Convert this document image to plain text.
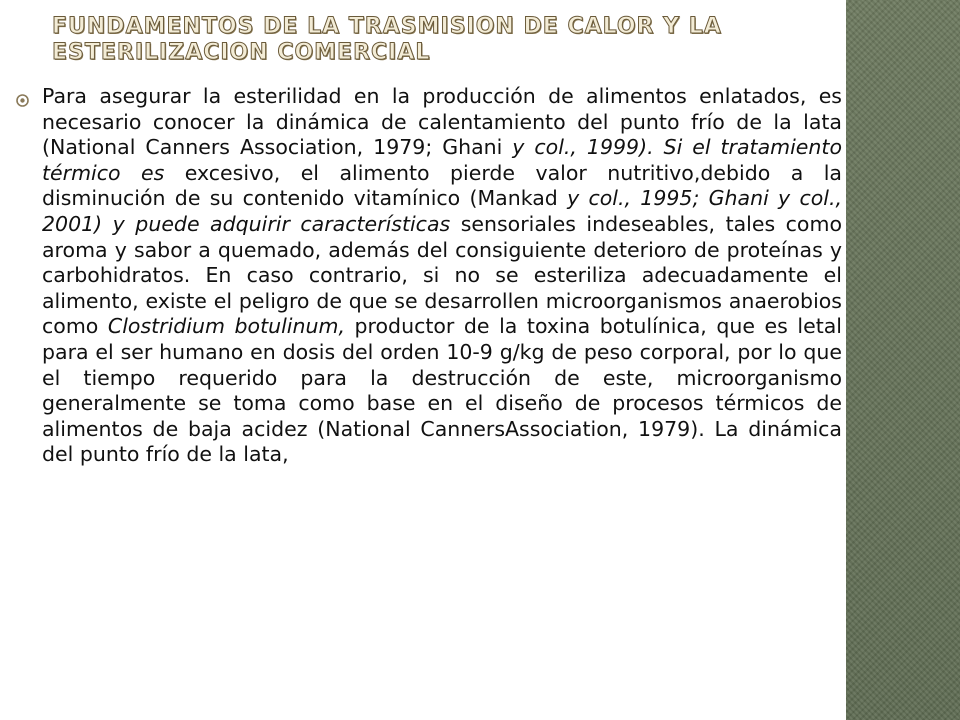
FUNDAMENTOS DE LA TRASMISION DE CALOR Y LA ESTERILIZACION COMERCIAL

Para asegurar la esterilidad en la producción de alimentos enlatados, es necesario conocer la dinámica de calentamiento del punto frío de la lata (National Canners Association, 1979; Ghani y col., 1999). Si el tratamiento térmico es excesivo, el alimento pierde valor nutritivo,debido a la disminución de su contenido vitamínico (Mankad y col., 1995; Ghani y col., 2001) y puede adquirir características sensoriales indeseables, tales como aroma y sabor a quemado, además del consiguiente deterioro de proteínas y carbohidratos. En caso contrario, si no se esteriliza adecuadamente el alimento, existe el peligro de que se desarrollen microorganismos anaerobios como Clostridium botulinum, productor de la toxina botulínica, que es letal para el ser humano en dosis del orden 10-9 g/kg de peso corporal, por lo que el tiempo requerido para la destrucción de este, microorganismo generalmente se toma como base en el diseño de procesos térmicos de alimentos de baja acidez (National CannersAssociation, 1979). La dinámica del punto frío de la lata,
